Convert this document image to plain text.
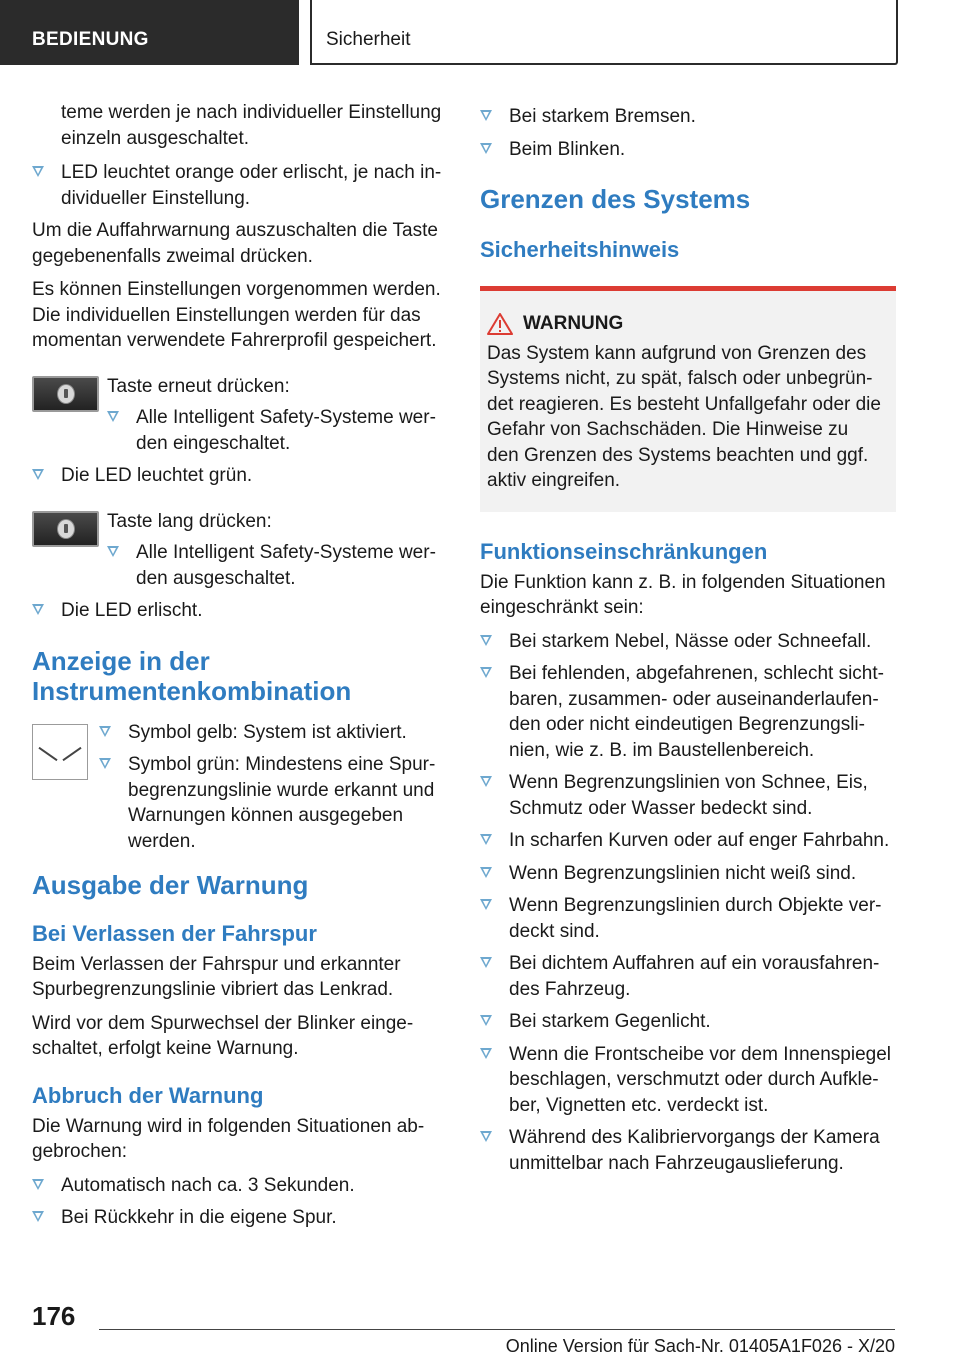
BEDIENUNG	Sicherheit
teme werden je nach individueller Einstellung einzeln ausgeschaltet.
LED leuchtet orange oder erlischt, je nach in-dividueller Einstellung.

Um die Auffahrwarnung auszuschalten die Taste gegebenenfalls zweimal drücken.

Es können Einstellungen vorgenommen werden. Die individuellen Einstellungen werden für das momentan verwendete Fahrerprofil gespeichert.

Taste erneut drücken:

Alle Intelligent Safety-Systeme wer-den eingeschaltet.
Die LED leuchtet grün.

Taste lang drücken:

Alle Intelligent Safety-Systeme wer-den ausgeschaltet.
Die LED erlischt.
Anzeige in der Instrumentenkombination
Symbol gelb: System ist aktiviert.
Symbol grün: Mindestens eine Spur-begrenzungslinie wurde erkannt und Warnungen können ausgegeben werden.
Ausgabe der Warnung
Bei Verlassen der Fahrspur

Beim Verlassen der Fahrspur und erkannter Spurbegrenzungslinie vibriert das Lenkrad.

Wird vor dem Spurwechsel der Blinker einge-schaltet, erfolgt keine Warnung.

Abbruch der Warnung

Die Warnung wird in folgenden Situationen ab-gebrochen:

Automatisch nach ca. 3 Sekunden.
Bei Rückkehr in die eigene Spur.
Bei starkem Bremsen.
Beim Blinken.
Grenzen des Systems
Sicherheitshinweis
WARNUNG
Das System kann aufgrund von Grenzen des Systems nicht, zu spät, falsch oder unbegrün-det reagieren. Es besteht Unfallgefahr oder die Gefahr von Sachschäden. Die Hinweise zu den Grenzen des Systems beachten und ggf. aktiv eingreifen.
Funktionseinschränkungen

Die Funktion kann z. B. in folgenden Situationen eingeschränkt sein:

Bei starkem Nebel, Nässe oder Schneefall.
Bei fehlenden, abgefahrenen, schlecht sicht-baren, zusammen- oder auseinanderlaufen-den oder nicht eindeutigen Begrenzungsli-nien, wie z. B. im Baustellenbereich.
Wenn Begrenzungslinien von Schnee, Eis, Schmutz oder Wasser bedeckt sind.
In scharfen Kurven oder auf enger Fahrbahn.
Wenn Begrenzungslinien nicht weiß sind.
Wenn Begrenzungslinien durch Objekte ver-deckt sind.
Bei dichtem Auffahren auf ein vorausfahren-des Fahrzeug.
Bei starkem Gegenlicht.
Wenn die Frontscheibe vor dem Innenspiegel beschlagen, verschmutzt oder durch Aufkle-ber, Vignetten etc. verdeckt ist.
Während des Kalibriervorgangs der Kamera unmittelbar nach Fahrzeugauslieferung.
176
Online Version für Sach-Nr. 01405A1F026 - X/20
